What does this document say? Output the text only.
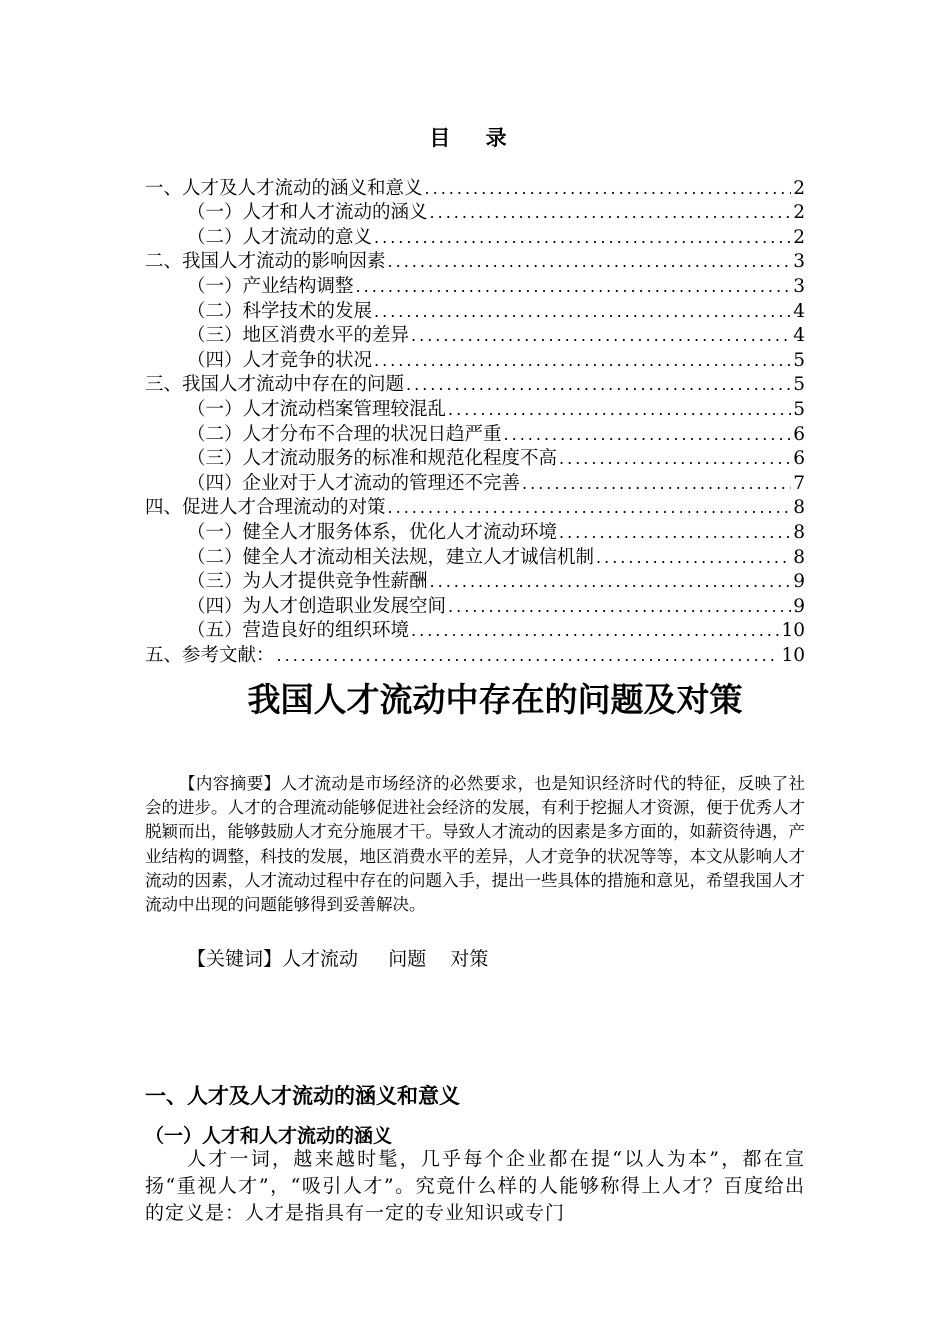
目 录
一、人才及人才流动的涵义和意义 .....	2
（一）人才和人才流动的涵义 .....	2
（二）人才流动的意义 .....	2
二、我国人才流动的影响因素 .....	3
（一）产业结构调整 .....	3
（二）科学技术的发展 .....	4
（三）地区消费水平的差异 .....	4
（四）人才竞争的状况 .....	5
三、我国人才流动中存在的问题 .....	5
（一）人才流动档案管理较混乱 .....	5
（二）人才分布不合理的状况日趋严重 .....	6
（三）人才流动服务的标准和规范化程度不高 .....	6
（四）企业对于人才流动的管理还不完善 .....	7
四、促进人才合理流动的对策 .....	8
（一）健全人才服务体系，优化人才流动环境 .....	8
（二）健全人才流动相关法规，建立人才诚信机制 .....	8
（三）为人才提供竞争性薪酬 .....	9
（四）为人才创造职业发展空间 .....	9
（五）营造良好的组织环境 .....	10
五、参考文献： .....	10
我国人才流动中存在的问题及对策
【内容摘要】人才流动是市场经济的必然要求，也是知识经济时代的特征，反映了社会的进步。人才的合理流动能够促进社会经济的发展，有利于挖掘人才资源，便于优秀人才脱颖而出，能够鼓励人才充分施展才干。导致人才流动的因素是多方面的，如薪资待遇，产业结构的调整，科技的发展，地区消费水平的差异，人才竞争的状况等等，本文从影响人才流动的因素，人才流动过程中存在的问题入手，提出一些具体的措施和意见，希望我国人才流动中出现的问题能够得到妥善解决。
【关键词】人才流动     问题    对策
一、人才及人才流动的涵义和意义
（一）人才和人才流动的涵义
人才一词，越来越时髦，几乎每个企业都在提“以人为本”，都在宣扬“重视人才”，“吸引人才”。究竟什么样的人能够称得上人才？百度给出的定义是：人才是指具有一定的专业知识或专门
